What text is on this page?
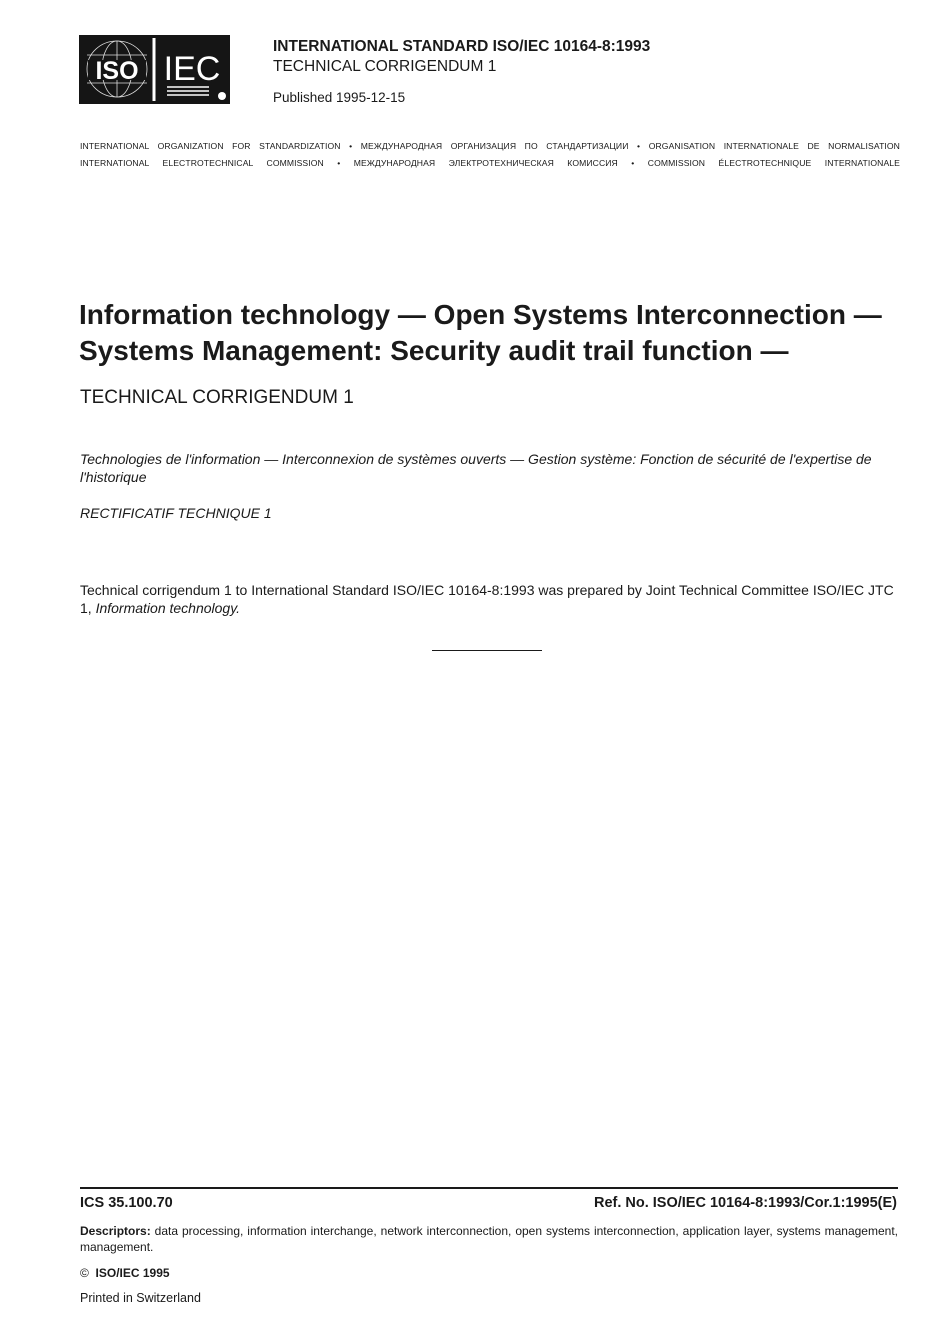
ISO IEC
INTERNATIONAL STANDARD ISO/IEC 10164-8:1993
TECHNICAL CORRIGENDUM 1
Published 1995-12-15
INTERNATIONAL ORGANIZATION FOR STANDARDIZATION • МЕЖДУНАРОДНАЯ ОРГАНИЗАЦИЯ ПО СТАНДАРТИЗАЦИИ • ORGANISATION INTERNATIONALE DE NORMALISATION
INTERNATIONAL ELECTROTECHNICAL COMMISSION • МЕЖДУНАРОДНАЯ ЭЛЕКТРОТЕХНИЧЕСКАЯ КОМИССИЯ • COMMISSION ÉLECTROTECHNIQUE INTERNATIONALE
Information technology — Open Systems Interconnection — Systems Management: Security audit trail function —
TECHNICAL CORRIGENDUM 1

Technologies de l'information — Interconnexion de systèmes ouverts — Gestion système: Fonction de sécurité de l'expertise de l'historique

RECTIFICATIF TECHNIQUE 1

Technical corrigendum 1 to International Standard ISO/IEC 10164-8:1993 was prepared by Joint Technical Committee ISO/IEC JTC 1, Information technology.

ICS 35.100.70	Ref. No. ISO/IEC 10164-8:1993/Cor.1:1995(E)

Descriptors: data processing, information interchange, network interconnection, open systems interconnection, application layer, systems management, management.

© ISO/IEC 1995
Printed in Switzerland
